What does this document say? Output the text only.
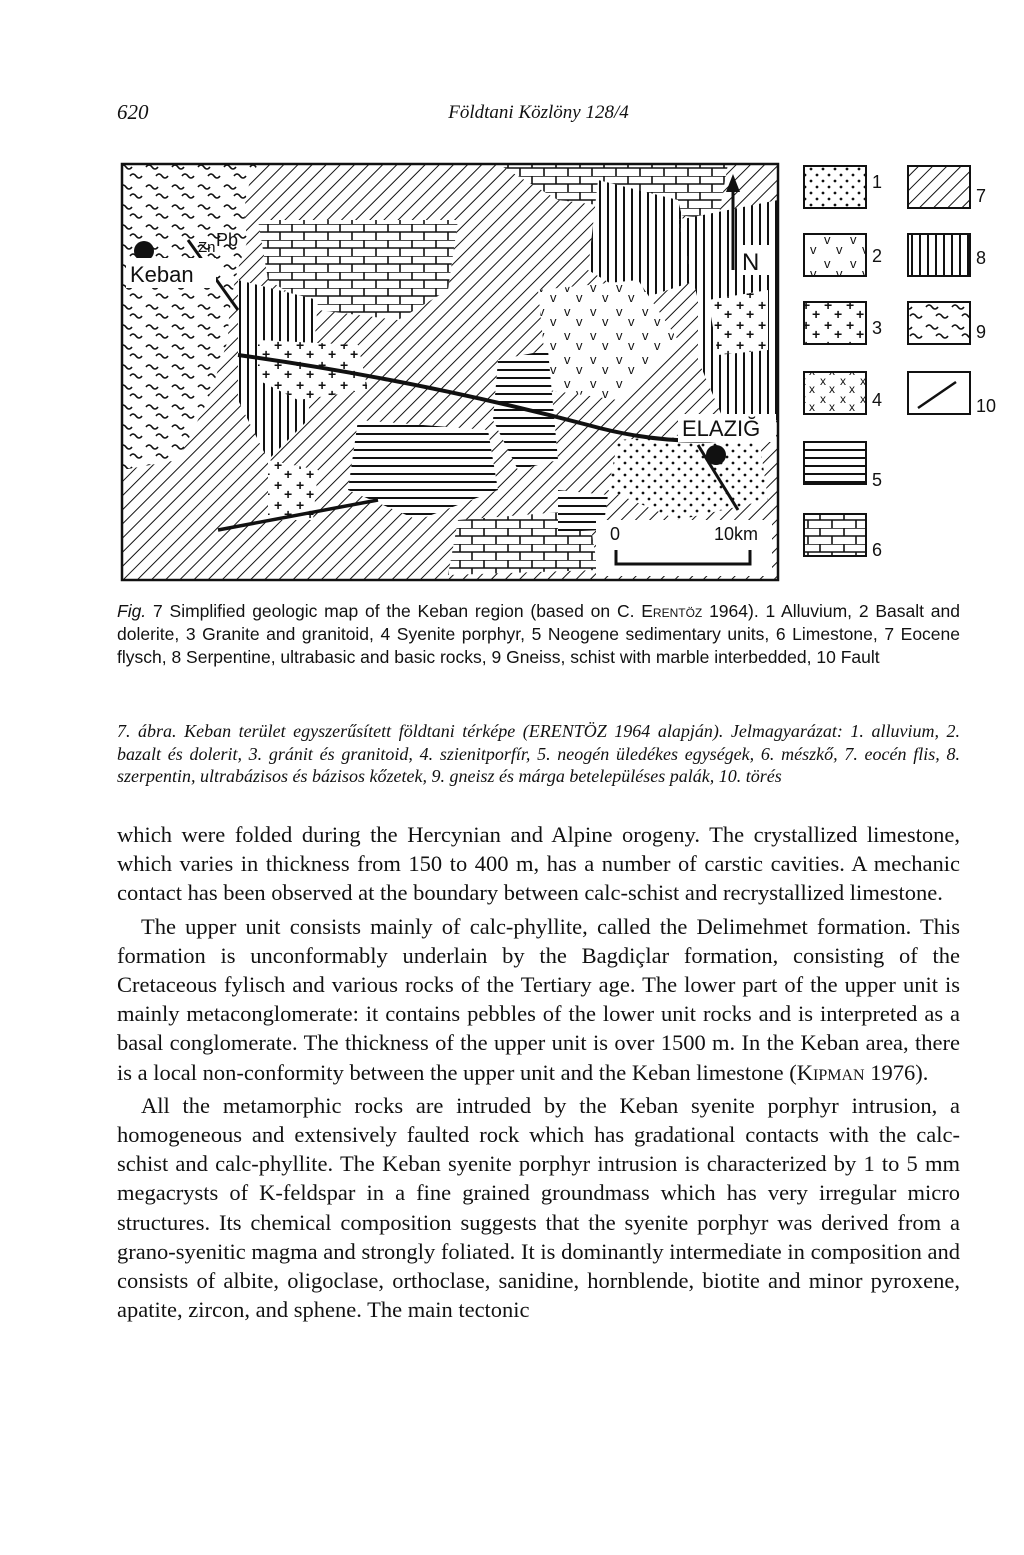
620	Földtani Közlöny 128/4
Keban
Pb
Zn
N
ELAZIĞ
0	10km
1
2
3
4
5
6
7
8
9
10
Fig. 7 Simplified geologic map of the Keban region (based on C. Erentöz 1964). 1 Alluvium, 2 Basalt and dolerite, 3 Granite and granitoid, 4 Syenite porphyr, 5 Neogene sedimentary units, 6 Limestone, 7 Eocene flysch, 8 Serpentine, ultrabasic and basic rocks, 9 Gneiss, schist with marble interbedded, 10 Fault
7. ábra. Keban terület egyszerűsített földtani térképe (ERENTÖZ 1964 alapján). Jelmagyarázat: 1. alluvium, 2. bazalt és dolerit, 3. gránit és granitoid, 4. szienitporfír, 5. neogén üledékes egységek, 6. mészkő, 7. eocén flis, 8. szerpentin, ultrabázisos és bázisos kőzetek, 9. gneisz és márga betelepüléses palák, 10. törés

which were folded during the Hercynian and Alpine orogeny. The crystallized limestone, which varies in thickness from 150 to 400 m, has a number of carstic cavities. A mechanic contact has been observed at the boundary between calc-schist and recrystallized limestone.

The upper unit consists mainly of calc-phyllite, called the Delimehmet formation. This formation is unconformably underlain by the Bagdiçlar formation, consisting of the Cretaceous fylisch and various rocks of the Tertiary age. The lower part of the upper unit is mainly metaconglomerate: it contains pebbles of the lower unit rocks and is interpreted as a basal conglomerate. The thickness of the upper unit is over 1500 m. In the Keban area, there is a local non-conformity between the upper unit and the Keban limestone (Kipman 1976).

All the metamorphic rocks are intruded by the Keban syenite porphyr intrusion, a homogeneous and extensively faulted rock which has gradational contacts with the calc-schist and calc-phyllite. The Keban syenite porphyr intrusion is characterized by 1 to 5 mm megacrysts of K-feldspar in a fine grained groundmass which has very irregular micro structures. Its chemical composition suggests that the syenite porphyr was derived from a grano-syenitic magma and strongly foliated. It is dominantly intermediate in composition and consists of albite, oligoclase, orthoclase, sanidine, hornblende, biotite and minor pyroxene, apatite, zircon, and sphene. The main tectonic
